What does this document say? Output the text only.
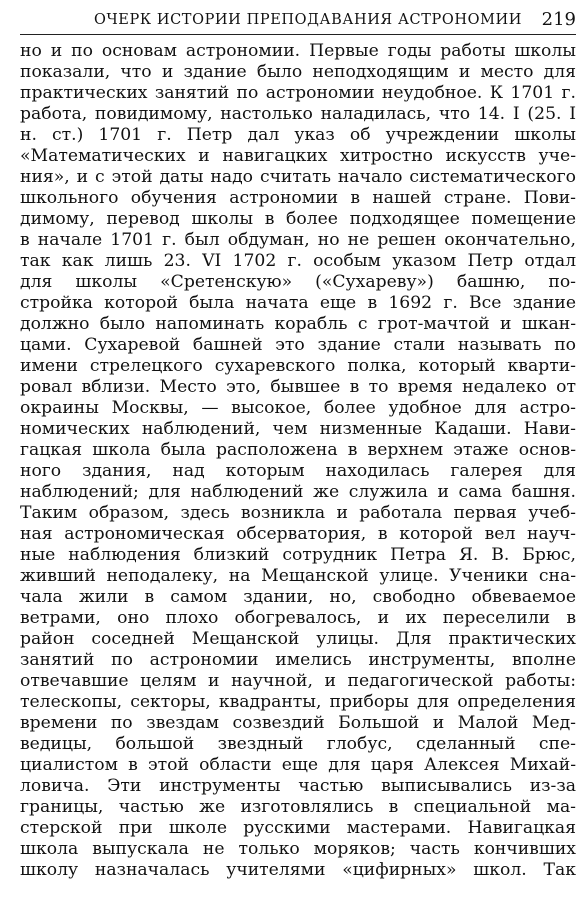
ОЧЕРК ИСТОРИИ ПРЕПОДАВАНИЯ АСТРОНОМИИ 219
но и по основам астрономии. Первые годы работы школы
показали, что и здание было неподходящим и место для
практических занятий по астрономии неудобное. К 1701 г.
работа, повидимому, настолько наладилась, что 14. I (25. I
н. ст.) 1701 г. Петр дал указ об учреждении школы
«Математических и навигацких хитростно искусств уче-
ния», и с этой даты надо считать начало систематического
школьного обучения астрономии в нашей стране. Пови-
димому, перевод школы в более подходящее помещение
в начале 1701 г. был обдуман, но не решен окончательно,
так как лишь 23. VI 1702 г. особым указом Петр отдал
для школы «Сретенскую» («Сухареву») башню, по-
стройка которой была начата еще в 1692 г. Все здание
должно было напоминать корабль с грот-мачтой и шкан-
цами. Сухаревой башней это здание стали называть по
имени стрелецкого сухаревского полка, который кварти-
ровал вблизи. Место это, бывшее в то время недалеко от
окраины Москвы, — высокое, более удобное для астро-
номических наблюдений, чем низменные Кадаши. Нави-
гацкая школа была расположена в верхнем этаже основ-
ного здания, над которым находилась галерея для
наблюдений; для наблюдений же служила и сама башня.
Таким образом, здесь возникла и работала первая учеб-
ная астрономическая обсерватория, в которой вел науч-
ные наблюдения близкий сотрудник Петра Я. В. Брюс,
живший неподалеку, на Мещанской улице. Ученики сна-
чала жили в самом здании, но, свободно обвеваемое
ветрами, оно плохо обогревалось, и их переселили в
район соседней Мещанской улицы. Для практических
занятий по астрономии имелись инструменты, вполне
отвечавшие целям и научной, и педагогической работы:
телескопы, секторы, квадранты, приборы для определения
времени по звездам созвездий Большой и Малой Мед-
ведицы, большой звездный глобус, сделанный спе-
циалистом в этой области еще для царя Алексея Михай-
ловича. Эти инструменты частью выписывались из-за
границы, частью же изготовлялись в специальной ма-
стерской при школе русскими мастерами. Навигацкая
школа выпускала не только моряков; часть кончивших
школу назначалась учителями «цифирных» школ. Так
